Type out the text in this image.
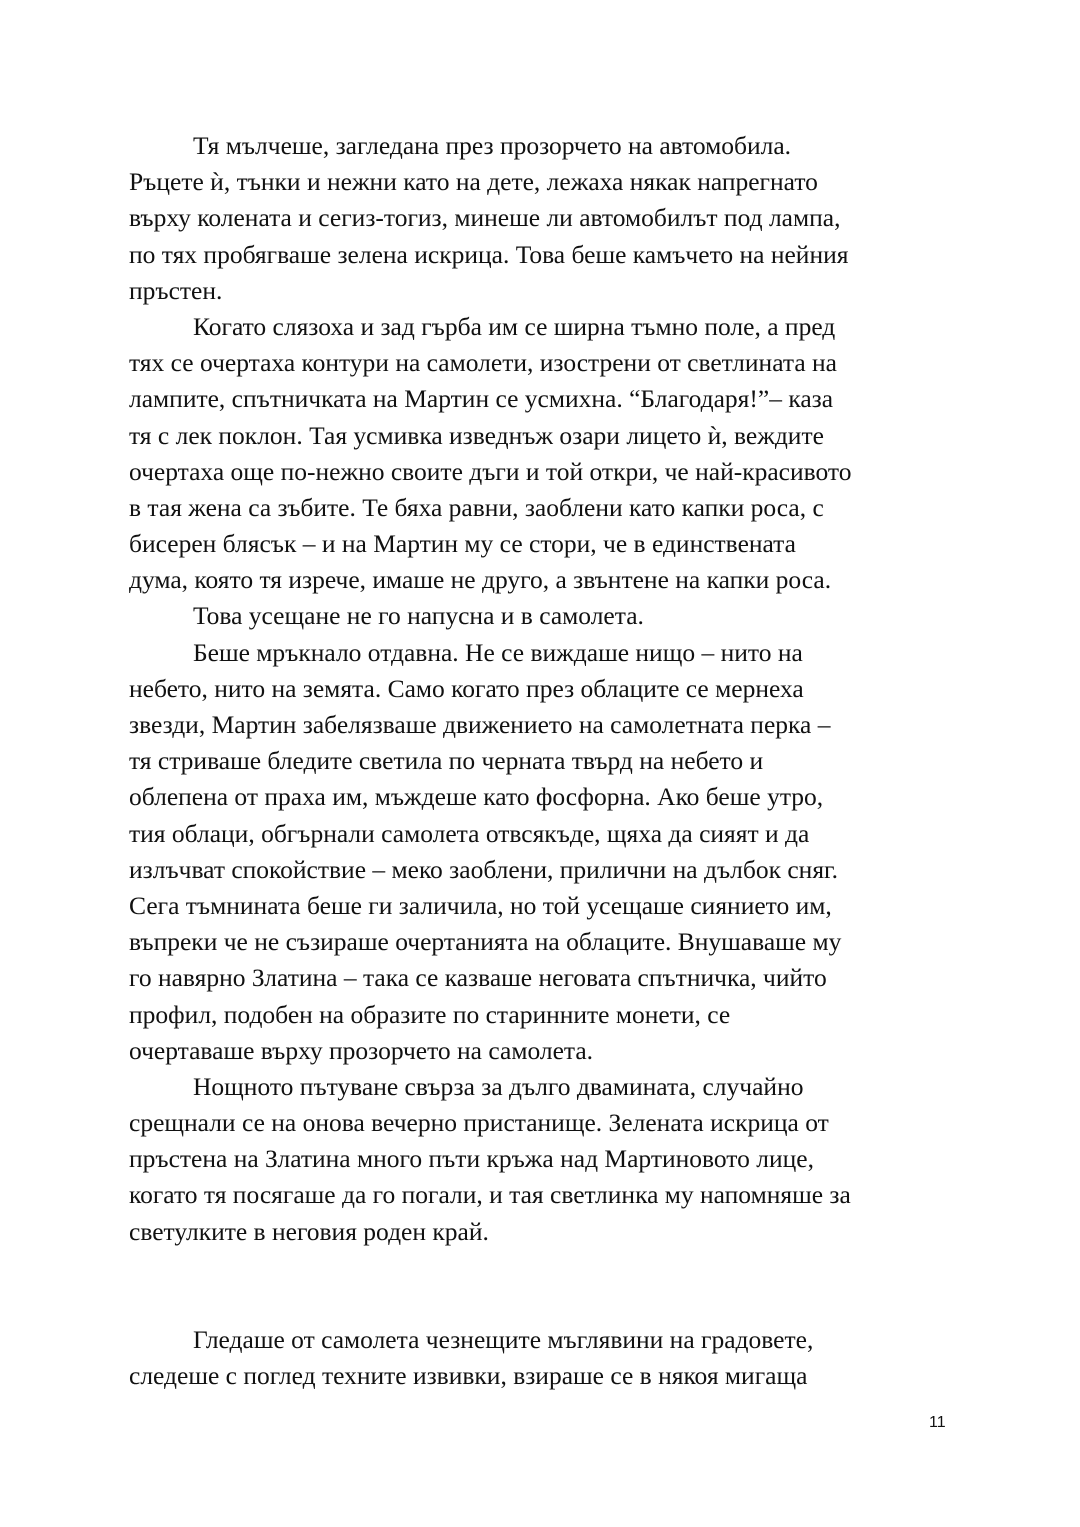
Тя мълчеше, загледана през прозорчето на автомобила.
Ръцете ѝ, тънки и нежни като на дете, лежаха някак напрегнато
върху колената и сегиз-тогиз, минеше ли автомобилът под лампа,
по тях пробягваше зелена искрица. Това беше камъчето на нейния
пръстен.
Когато слязоха и зад гърба им се ширна тъмно поле, а пред
тях се очертаха контури на самолети, изострени от светлината на
лампите, спътничката на Мартин се усмихна. “Благодаря!”– каза
тя с лек поклон. Тая усмивка изведнъж озари лицето ѝ, веждите
очертаха още по-нежно своите дъги и той откри, че най-красивото
в тая жена са зъбите. Те бяха равни, заоблени като капки роса, с
бисерен блясък – и на Мартин му се стори, че в единствената
дума, която тя изрече, имаше не друго, а звънтене на капки роса.
Това усещане не го напусна и в самолета.
Беше мръкнало отдавна. Не се виждаше нищо – нито на
небето, нито на земята. Само когато през облаците се мернеха
звезди, Мартин забелязваше движението на самолетната перка –
тя стриваше бледите светила по черната твърд на небето и
облепена от праха им, мъждеше като фосфорна. Ако беше утро,
тия облаци, обгърнали самолета отвсякъде, щяха да сияят и да
излъчват спокойствие – меко заоблени, прилични на дълбок сняг.
Сега тъмнината беше ги заличила, но той усещаше сиянието им,
въпреки че не съзираше очертанията на облаците. Внушаваше му
го навярно Златина – така се казваше неговата спътничка, чийто
профил, подобен на образите по старинните монети, се
очертаваше върху прозорчето на самолета.
Нощното пътуване свърза за дълго двамината, случайно
срещнали се на онова вечерно пристанище. Зелената искрица от
пръстена на Златина много пъти кръжа над Мартиновото лице,
когато тя посягаше да го погали, и тая светлинка му напомняше за
светулките в неговия роден край.
Гледаше от самолета чезнещите мъглявини на градовете,
следеше с поглед техните извивки, взираше се в някоя мигаща
11
